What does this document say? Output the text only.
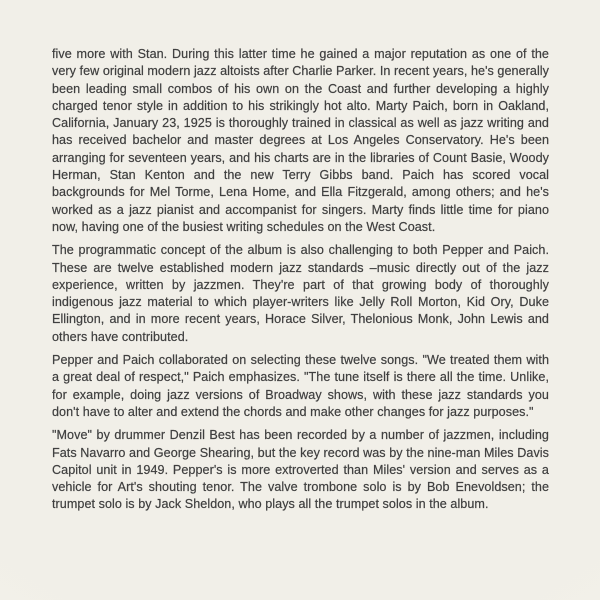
five more with Stan. During this latter time he gained a major reputation as one of the very few original modern jazz altoists after Charlie Parker. In recent years, he's generally been leading small combos of his own on the Coast and further developing a highly charged tenor style in addition to his strikingly hot alto. Marty Paich, born in Oakland, California, January 23, 1925 is thoroughly trained in classical as well as jazz writing and has received bachelor and master degrees at Los Angeles Conservatory. He's been arranging for seventeen years, and his charts are in the libraries of Count Basie, Woody Herman, Stan Kenton and the new Terry Gibbs band. Paich has scored vocal backgrounds for Mel Torme, Lena Home, and Ella Fitzgerald, among others; and he's worked as a jazz pianist and accompanist for singers. Marty finds little time for piano now, having one of the busiest writing schedules on the West Coast.

The programmatic concept of the album is also challenging to both Pepper and Paich. These are twelve established modern jazz standards –music directly out of the jazz experience, written by jazzmen. They're part of that growing body of thoroughly indigenous jazz material to which player-writers like Jelly Roll Morton, Kid Ory, Duke Ellington, and in more recent years, Horace Silver, Thelonious Monk, John Lewis and others have contributed.

Pepper and Paich collaborated on selecting these twelve songs. "We treated them with a great deal of respect," Paich emphasizes. "The tune itself is there all the time. Unlike, for example, doing jazz versions of Broadway shows, with these jazz standards you don't have to alter and extend the chords and make other changes for jazz purposes."

"Move" by drummer Denzil Best has been recorded by a number of jazzmen, including Fats Navarro and George Shearing, but the key record was by the nine-man Miles Davis Capitol unit in 1949. Pepper's is more extroverted than Miles' version and serves as a vehicle for Art's shouting tenor. The valve trombone solo is by Bob Enevoldsen; the trumpet solo is by Jack Sheldon, who plays all the trumpet solos in the album.
